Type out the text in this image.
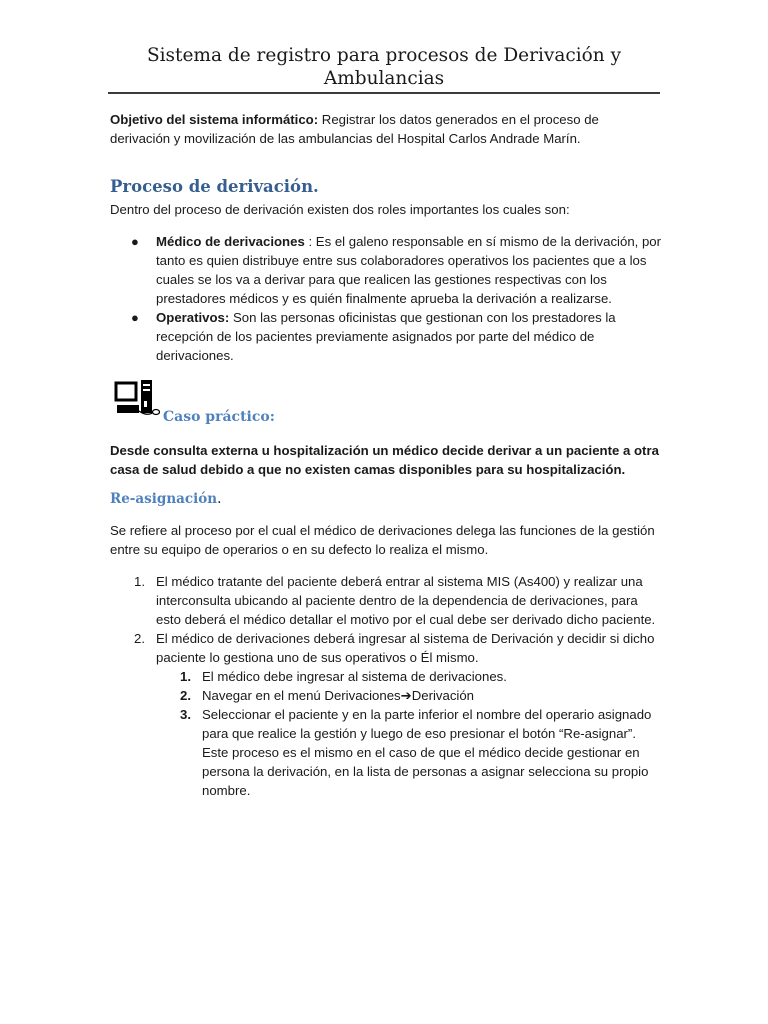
Sistema de registro para procesos de Derivación y
Ambulancias
Objetivo del sistema informático: Registrar los datos generados en el proceso de derivación y movilización de las ambulancias del Hospital Carlos Andrade Marín.
Proceso de derivación.
Dentro del proceso de derivación existen dos roles importantes los cuales son:
● Médico de derivaciones : Es el galeno responsable en sí mismo de la derivación, por tanto es quien distribuye entre sus colaboradores operativos los pacientes que a los cuales se los va a derivar para que realicen las gestiones respectivas con los prestadores médicos y es quién finalmente aprueba la derivación a realizarse.
● Operativos: Son las personas oficinistas que gestionan con los prestadores la recepción de los pacientes previamente asignados por parte del médico de derivaciones.
Caso práctico:
Desde consulta externa u hospitalización un médico decide derivar a un paciente a otra casa de salud debido a que no existen camas disponibles para su hospitalización.
Re-asignación.
Se refiere al proceso por el cual el médico de derivaciones delega las funciones de la gestión entre su equipo de operarios o en su defecto lo realiza el mismo.
1. El médico tratante del paciente deberá entrar al sistema MIS (As400) y realizar una interconsulta ubicando al paciente dentro de la dependencia de derivaciones, para esto deberá el médico detallar el motivo por el cual debe ser derivado dicho paciente.
2. El médico de derivaciones deberá ingresar al sistema de Derivación y decidir si dicho paciente lo gestiona uno de sus operativos o Él mismo.
1. El médico debe ingresar al sistema de derivaciones.
2. Navegar en el menú Derivaciones➔Derivación
3. Seleccionar el paciente y en la parte inferior el nombre del operario asignado para que realice la gestión y luego de eso presionar el botón “Re-asignar”. Este proceso es el mismo en el caso de que el médico decide gestionar en persona la derivación, en la lista de personas a asignar selecciona su propio nombre.
